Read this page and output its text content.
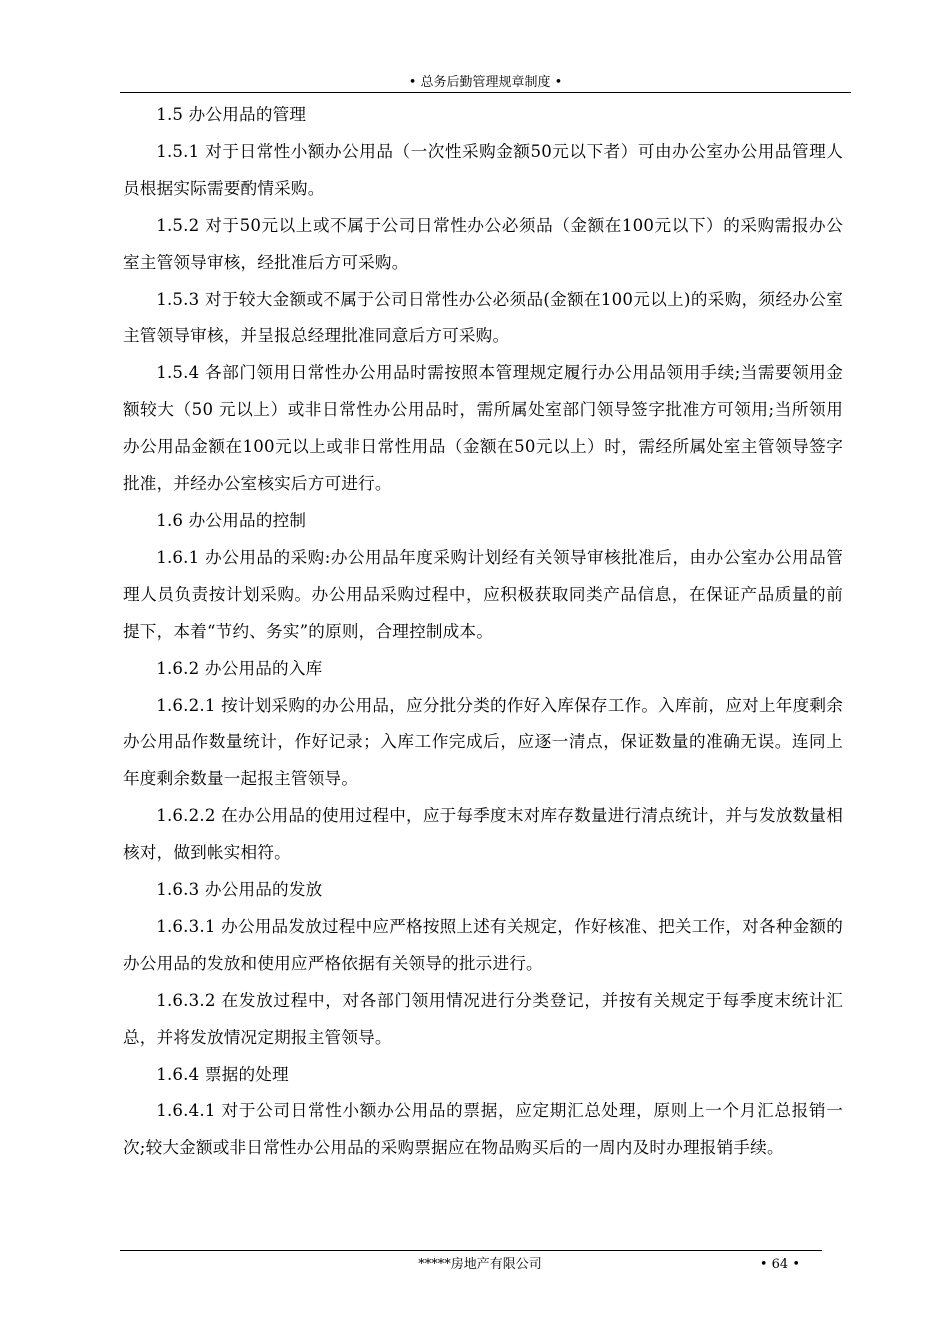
• 总务后勤管理规章制度 •

1.5 办公用品的管理

1.5.1 对于日常性小额办公用品（一次性采购金额50元以下者）可由办公室办公用品管理人员根据实际需要酌情采购。

1.5.2 对于50元以上或不属于公司日常性办公必须品（金额在100元以下）的采购需报办公室主管领导审核，经批准后方可采购。

1.5.3 对于较大金额或不属于公司日常性办公必须品(金额在100元以上)的采购，须经办公室主管领导审核，并呈报总经理批准同意后方可采购。

1.5.4 各部门领用日常性办公用品时需按照本管理规定履行办公用品领用手续;当需要领用金额较大（50 元以上）或非日常性办公用品时，需所属处室部门领导签字批准方可领用;当所领用办公用品金额在100元以上或非日常性用品（金额在50元以上）时，需经所属处室主管领导签字批准，并经办公室核实后方可进行。

1.6 办公用品的控制

1.6.1 办公用品的采购:办公用品年度采购计划经有关领导审核批准后，由办公室办公用品管理人员负责按计划采购。办公用品采购过程中，应积极获取同类产品信息，在保证产品质量的前提下，本着“节约、务实”的原则，合理控制成本。

1.6.2 办公用品的入库

1.6.2.1 按计划采购的办公用品，应分批分类的作好入库保存工作。入库前，应对上年度剩余办公用品作数量统计，作好记录；入库工作完成后，应逐一清点，保证数量的准确无误。连同上年度剩余数量一起报主管领导。

1.6.2.2 在办公用品的使用过程中，应于每季度末对库存数量进行清点统计，并与发放数量相核对，做到帐实相符。

1.6.3 办公用品的发放

1.6.3.1 办公用品发放过程中应严格按照上述有关规定，作好核准、把关工作，对各种金额的办公用品的发放和使用应严格依据有关领导的批示进行。

1.6.3.2 在发放过程中，对各部门领用情况进行分类登记，并按有关规定于每季度末统计汇总，并将发放情况定期报主管领导。

1.6.4 票据的处理

1.6.4.1 对于公司日常性小额办公用品的票据，应定期汇总处理，原则上一个月汇总报销一次;较大金额或非日常性办公用品的采购票据应在物品购买后的一周内及时办理报销手续。

*****房地产有限公司	• 64 •
